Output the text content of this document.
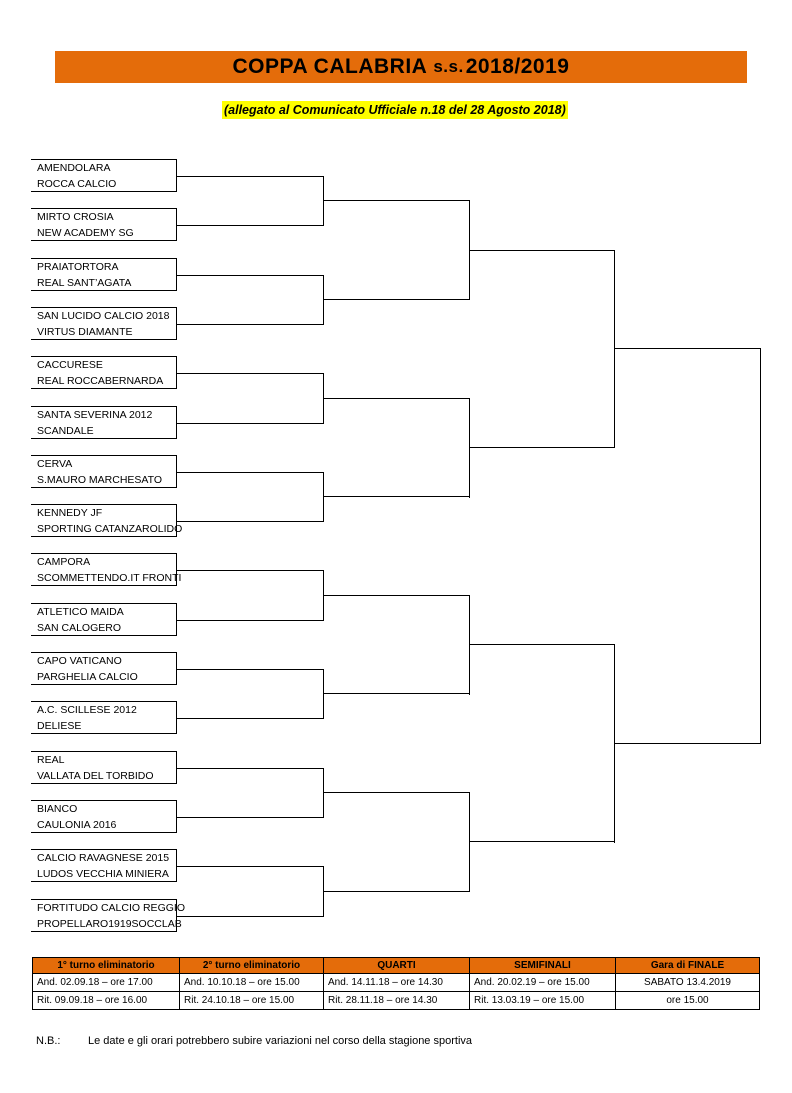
COPPA CALABRIA s.s. 2018/2019
(allegato al Comunicato Ufficiale n.18 del 28 Agosto 2018)
AMENDOLARA
ROCCA CALCIO
MIRTO CROSIA
NEW ACADEMY SG
PRAIATORTORA
REAL SANT’AGATA
SAN LUCIDO CALCIO 2018
VIRTUS DIAMANTE
CACCURESE
REAL ROCCABERNARDA
SANTA SEVERINA 2012
SCANDALE
CERVA
S.MAURO MARCHESATO
KENNEDY JF
SPORTING CATANZAROLIDO
CAMPORA
SCOMMETTENDO.IT FRONTI
ATLETICO MAIDA
SAN CALOGERO
CAPO VATICANO
PARGHELIA CALCIO
A.C. SCILLESE 2012
DELIESE
REAL
VALLATA DEL TORBIDO
BIANCO
CAULONIA 2016
CALCIO RAVAGNESE 2015
LUDOS VECCHIA MINIERA
FORTITUDO CALCIO REGGIO
PROPELLARO1919SOCCLAB
1° turno eliminatorio	2° turno eliminatorio	QUARTI	SEMIFINALI	Gara di FINALE
And. 02.09.18 – ore 17.00	And. 10.10.18 – ore 15.00	And. 14.11.18 – ore 14.30	And. 20.02.19 – ore 15.00	SABATO 13.4.2019
Rit. 09.09.18 – ore 16.00	Rit. 24.10.18 – ore 15.00	Rit. 28.11.18 – ore 14.30	Rit. 13.03.19 – ore 15.00	ore 15.00
N.B.:	Le date e gli orari potrebbero subire variazioni nel corso della stagione sportiva
